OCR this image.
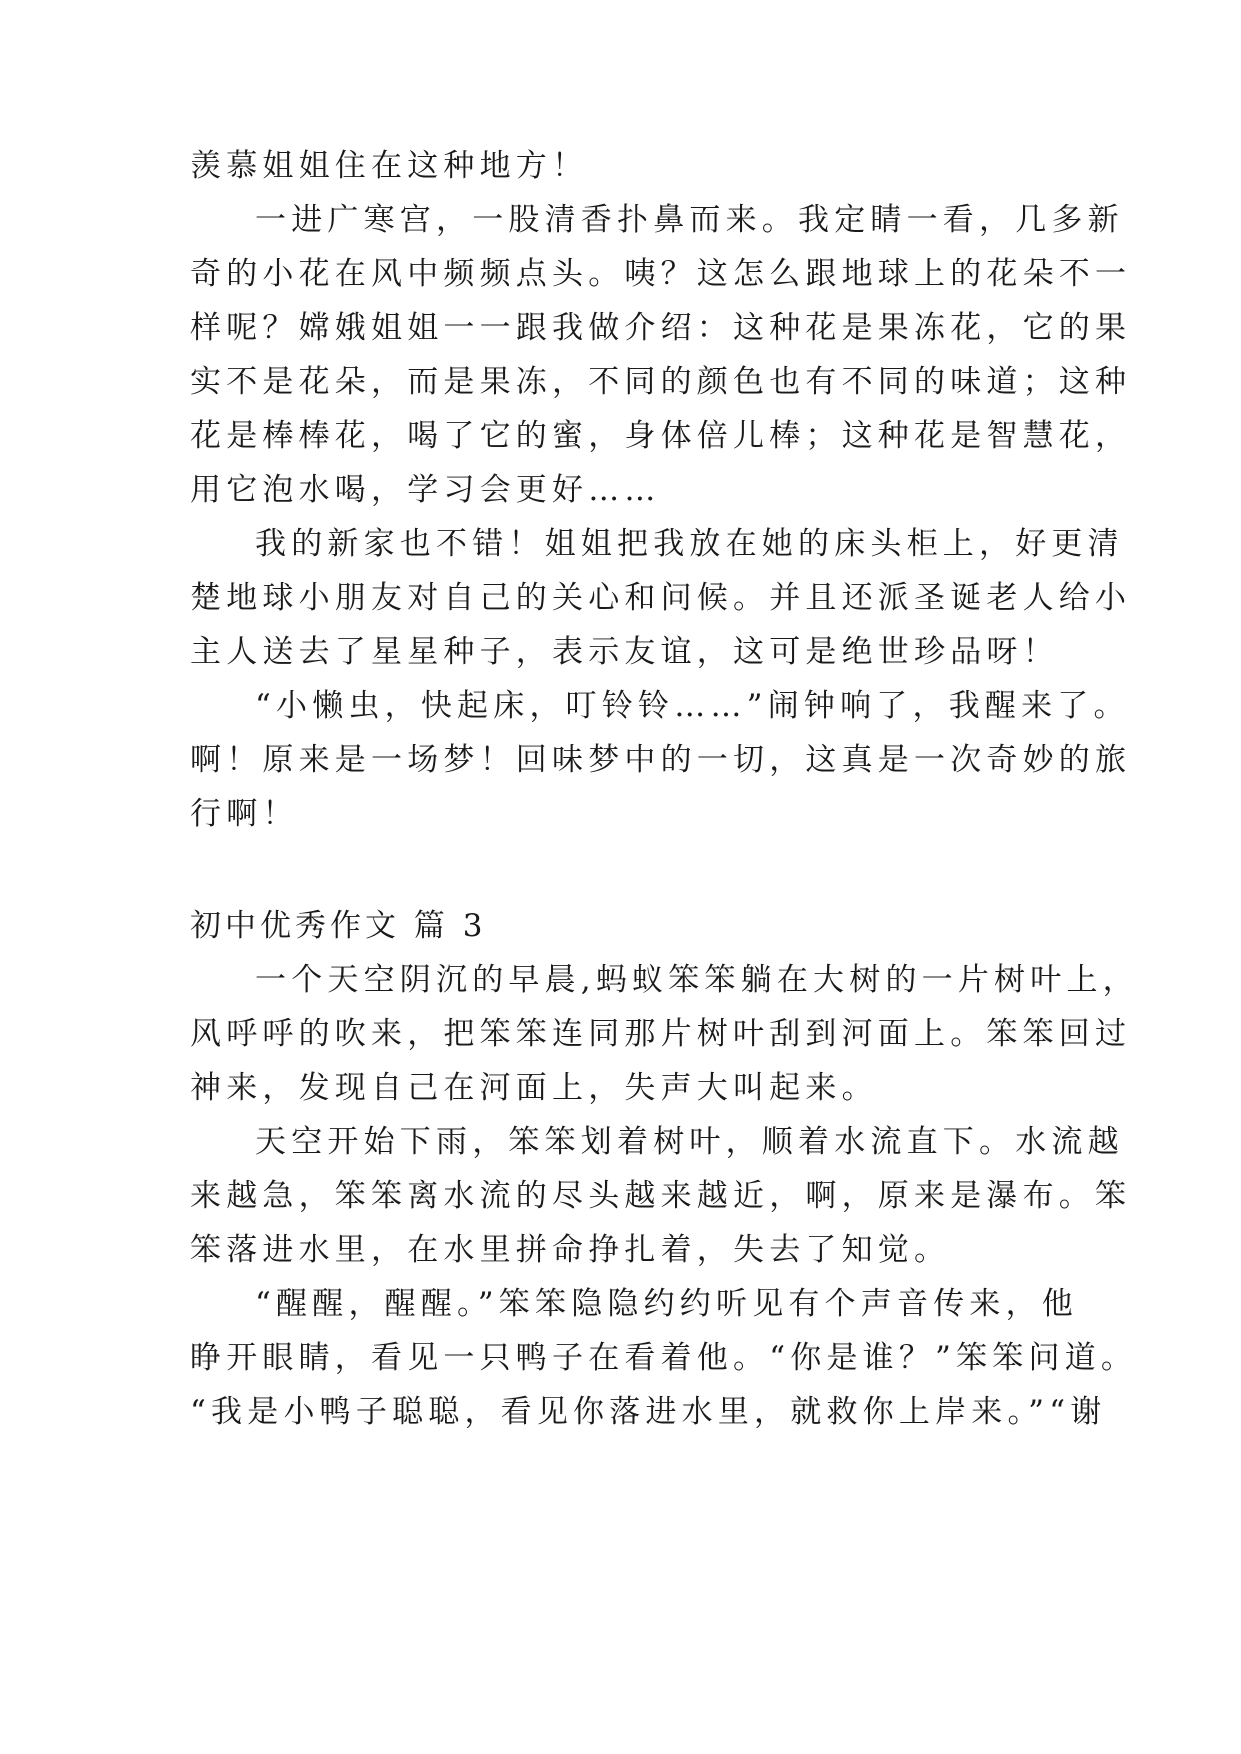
羡慕姐姐住在这种地方！
一进广寒宫，一股清香扑鼻而来。我定睛一看，几多新
奇的小花在风中频频点头。咦？这怎么跟地球上的花朵不一
样呢？嫦娥姐姐一一跟我做介绍：这种花是果冻花，它的果
实不是花朵，而是果冻，不同的颜色也有不同的味道；这种
花是棒棒花，喝了它的蜜，身体倍儿棒；这种花是智慧花，
用它泡水喝，学习会更好……
我的新家也不错！姐姐把我放在她的床头柜上，好更清
楚地球小朋友对自己的关心和问候。并且还派圣诞老人给小
主人送去了星星种子，表示友谊，这可是绝世珍品呀！
“小懒虫，快起床，叮铃铃……”闹钟响了，我醒来了。
啊！原来是一场梦！回味梦中的一切，这真是一次奇妙的旅
行啊！
初中优秀作文 篇 3
一个天空阴沉的早晨,蚂蚁笨笨躺在大树的一片树叶上，
风呼呼的吹来，把笨笨连同那片树叶刮到河面上。笨笨回过
神来，发现自己在河面上，失声大叫起来。
天空开始下雨，笨笨划着树叶，顺着水流直下。水流越
来越急，笨笨离水流的尽头越来越近，啊，原来是瀑布。笨
笨落进水里，在水里拼命挣扎着，失去了知觉。
“醒醒，醒醒。”笨笨隐隐约约听见有个声音传来，他
睁开眼睛，看见一只鸭子在看着他。“你是谁？”笨笨问道。
“我是小鸭子聪聪，看见你落进水里，就救你上岸来。”“谢
